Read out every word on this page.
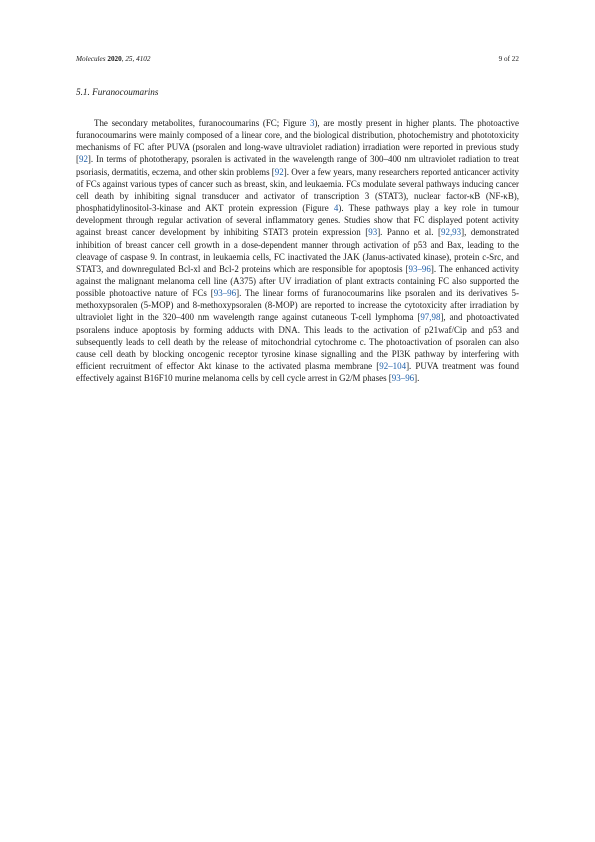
Molecules 2020, 25, 4102	9 of 22
5.1. Furanocoumarins

The secondary metabolites, furanocoumarins (FC; Figure 3), are mostly present in higher plants. The photoactive furanocoumarins were mainly composed of a linear core, and the biological distribution, photochemistry and phototoxicity mechanisms of FC after PUVA (psoralen and long-wave ultraviolet radiation) irradiation were reported in previous study [92]. In terms of phototherapy, psoralen is activated in the wavelength range of 300–400 nm ultraviolet radiation to treat psoriasis, dermatitis, eczema, and other skin problems [92]. Over a few years, many researchers reported anticancer activity of FCs against various types of cancer such as breast, skin, and leukaemia. FCs modulate several pathways inducing cancer cell death by inhibiting signal transducer and activator of transcription 3 (STAT3), nuclear factor-κB (NF-κB), phosphatidylinositol-3-kinase and AKT protein expression (Figure 4). These pathways play a key role in tumour development through regular activation of several inflammatory genes. Studies show that FC displayed potent activity against breast cancer development by inhibiting STAT3 protein expression [93]. Panno et al. [92,93], demonstrated inhibition of breast cancer cell growth in a dose-dependent manner through activation of p53 and Bax, leading to the cleavage of caspase 9. In contrast, in leukaemia cells, FC inactivated the JAK (Janus-activated kinase), protein c-Src, and STAT3, and downregulated Bcl-xl and Bcl-2 proteins which are responsible for apoptosis [93–96]. The enhanced activity against the malignant melanoma cell line (A375) after UV irradiation of plant extracts containing FC also supported the possible photoactive nature of FCs [93–96]. The linear forms of furanocoumarins like psoralen and its derivatives 5-methoxypsoralen (5-MOP) and 8-methoxypsoralen (8-MOP) are reported to increase the cytotoxicity after irradiation by ultraviolet light in the 320–400 nm wavelength range against cutaneous T-cell lymphoma [97,98], and photoactivated psoralens induce apoptosis by forming adducts with DNA. This leads to the activation of p21waf/Cip and p53 and subsequently leads to cell death by the release of mitochondrial cytochrome c. The photoactivation of psoralen can also cause cell death by blocking oncogenic receptor tyrosine kinase signalling and the PI3K pathway by interfering with efficient recruitment of effector Akt kinase to the activated plasma membrane [92–104]. PUVA treatment was found effectively against B16F10 murine melanoma cells by cell cycle arrest in G2/M phases [93–96].
